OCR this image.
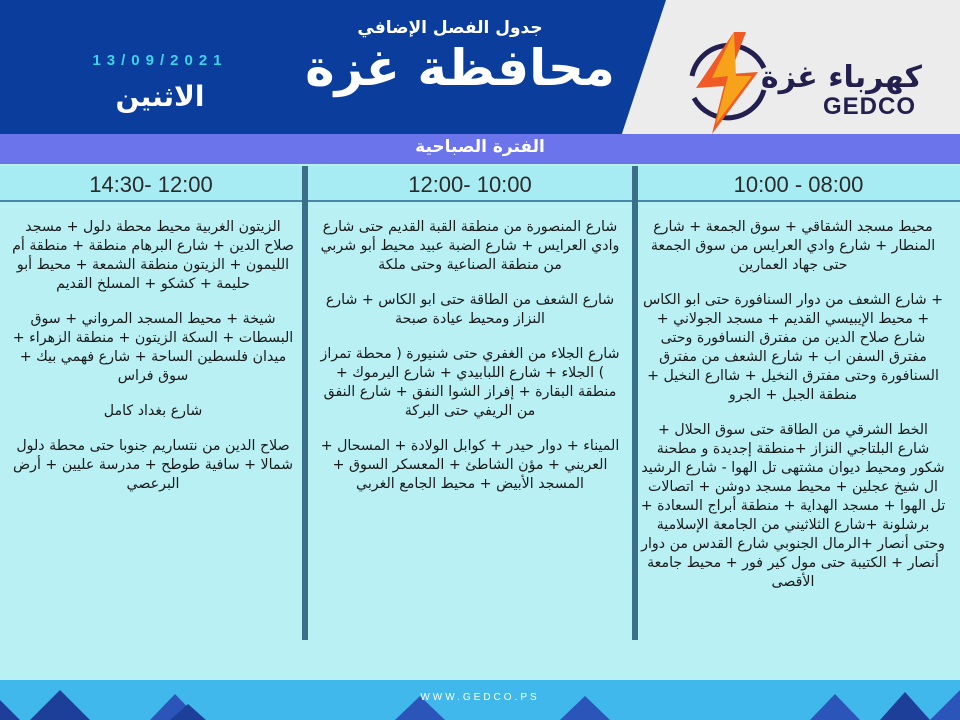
كهرباء غزة
GEDCO
جدول الفصل الإضافي
محافظة غزة
13/09/2021
الاثنين
الفترة الصباحية
10:00 - 08:00
12:00- 10:00
14:30- 12:00

محيط مسجد الشقاقي + سوق الجمعة + شارع المنطار + شارع وادي العرايس من سوق الجمعة حتى جهاد العمارين

+ شارع الشعف من دوار السنافورة حتى ابو الكاس + محيط الإيبيسي القديم + مسجد الجولاني + شارع صلاح الدين من مفترق النسافورة وحتى مفترق السفن اب + شارع الشعف من مفترق السنافورة وحتى مفترق النخيل + شاارع النخيل + منطقة الجبل + الجرو

الخط الشرقي من الطاقة حتى سوق الحلال + شارع البلتاجي النزاز +منطقة إجديدة و مطحنة شكور ومحيط ديوان مشتهى تل الهوا - شارع الرشيد ال شيخ عجلين + محيط مسجد دوشن + اتصالات تل الهوا + مسجد الهداية + منطقة أبراج السعادة + برشلونة +شارع الثلاثيني من الجامعة الإسلامية وحتى أنصار +الرمال الجنوبي شارع القدس من دوار أنصار + الكتيبة حتى مول كير فور + محيط جامعة الأقصى

شارع المنصورة من منطقة القبة القديم حتى شارع وادي العرايس + شارع الضبة عبيد محيط أبو شربي من منطقة الصناعية وحتى ملكة

شارع الشعف من الطاقة حتى ابو الكاس + شارع النزاز ومحيط عيادة صبحة

شارع الجلاء من الغفري حتى شنيورة ( محطة تمراز ) الجلاء + شارع اللبابيدي + شارع اليرموك + منطقة البقارة + إفراز الشوا النفق + شارع النفق من الريفي حتى البركة

الميناء + دوار حيدر + كوابل الولادة + المسحال + العريني + مؤن الشاطئ + المعسكر السوق + المسجد الأبيض + محيط الجامع الغربي

الزيتون الغربية محيط محطة دلول + مسجد صلاح الدين + شارع البرهام منطقة + منطقة أم الليمون + الزيتون منطقة الشمعة + محيط أبو حليمة + كشكو + المسلخ القديم

شيخة + محيط المسجد المرواني + سوق البسطات + السكة الزيتون + منطقة الزهراء + ميدان فلسطين الساحة + شارع فهمي بيك + سوق فراس

شارع بغداد كامل

صلاح الدين من نتساريم جنوبا حتى محطة دلول شمالا + سافية طوطح + مدرسة عليين + أرض البرعصي

WWW.GEDCO.PS
